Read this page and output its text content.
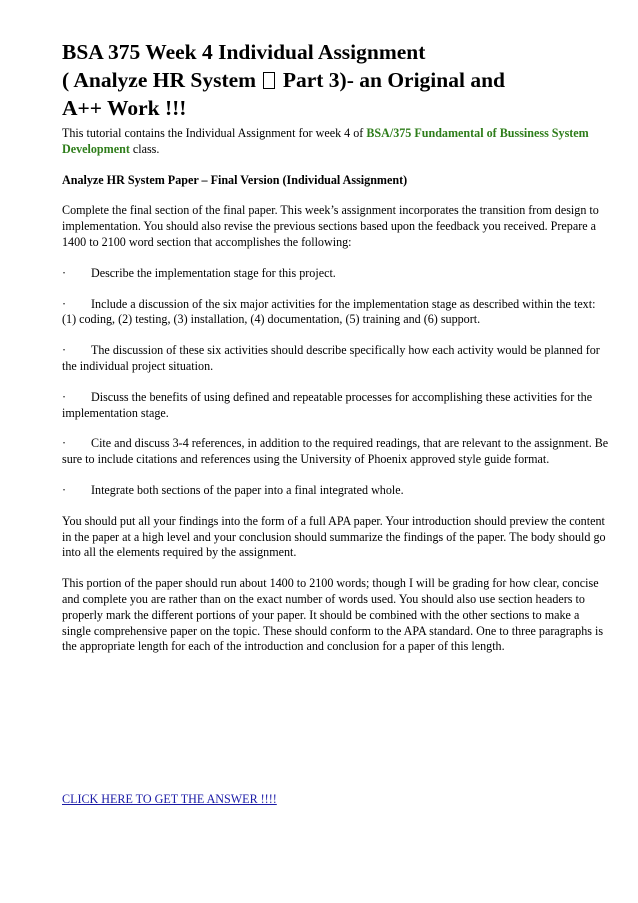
BSA 375 Week 4 Individual Assignment
( Analyze HR System  Part 3)- an Original and
A++ Work !!!

This tutorial contains the Individual Assignment for week 4 of BSA/375 Fundamental of Bussiness System Development class.

Analyze HR System Paper – Final Version (Individual Assignment)

Complete the final section of the final paper. This week’s assignment incorporates the transition from design to implementation. You should also revise the previous sections based upon the feedback you received. Prepare a 1400 to 2100 word section that accomplishes the following:

· Describe the implementation stage for this project.

· Include a discussion of the six major activities for the implementation stage as described within the text: (1) coding, (2) testing, (3) installation, (4) documentation, (5) training and (6) support.

· The discussion of these six activities should describe specifically how each activity would be planned for the individual project situation.

· Discuss the benefits of using defined and repeatable processes for accomplishing these activities for the implementation stage.

· Cite and discuss 3-4 references, in addition to the required readings, that are relevant to the assignment. Be sure to include citations and references using the University of Phoenix approved style guide format.

· Integrate both sections of the paper into a final integrated whole.

You should put all your findings into the form of a full APA paper. Your introduction should preview the content in the paper at a high level and your conclusion should summarize the findings of the paper. The body should go into all the elements required by the assignment.

This portion of the paper should run about 1400 to 2100 words; though I will be grading for how clear, concise and complete you are rather than on the exact number of words used. You should also use section headers to properly mark the different portions of your paper. It should be combined with the other sections to make a single comprehensive paper on the topic. These should conform to the APA standard. One to three paragraphs is the appropriate length for each of the introduction and conclusion for a paper of this length.

CLICK HERE TO GET THE ANSWER !!!!
